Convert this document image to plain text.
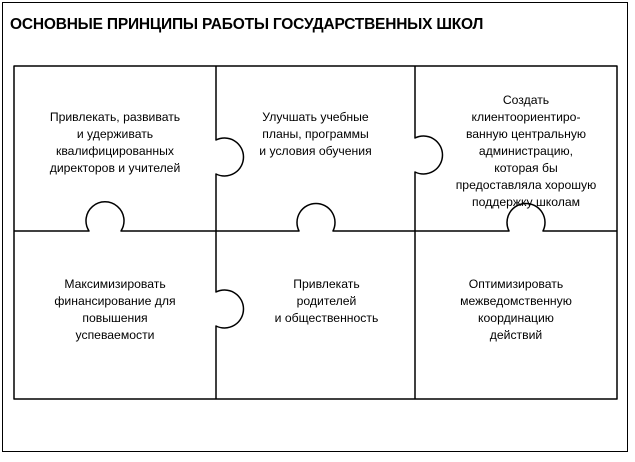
ОСНОВНЫЕ ПРИНЦИПЫ РАБОТЫ ГОСУДАРСТВЕННЫХ ШКОЛ
Привлекать, развивать
и удерживать
квалифицированных
директоров и учителей
Улучшать учебные
планы, программы
и условия обучения
Создать
клиентоориентиро-
ванную центральную
администрацию,
которая бы
предоставляла хорошую
поддержку школам
Максимизировать
финансирование для
повышения
успеваемости
Привлекать
родителей
и общественность
Оптимизировать
межведомственную
координацию
действий
